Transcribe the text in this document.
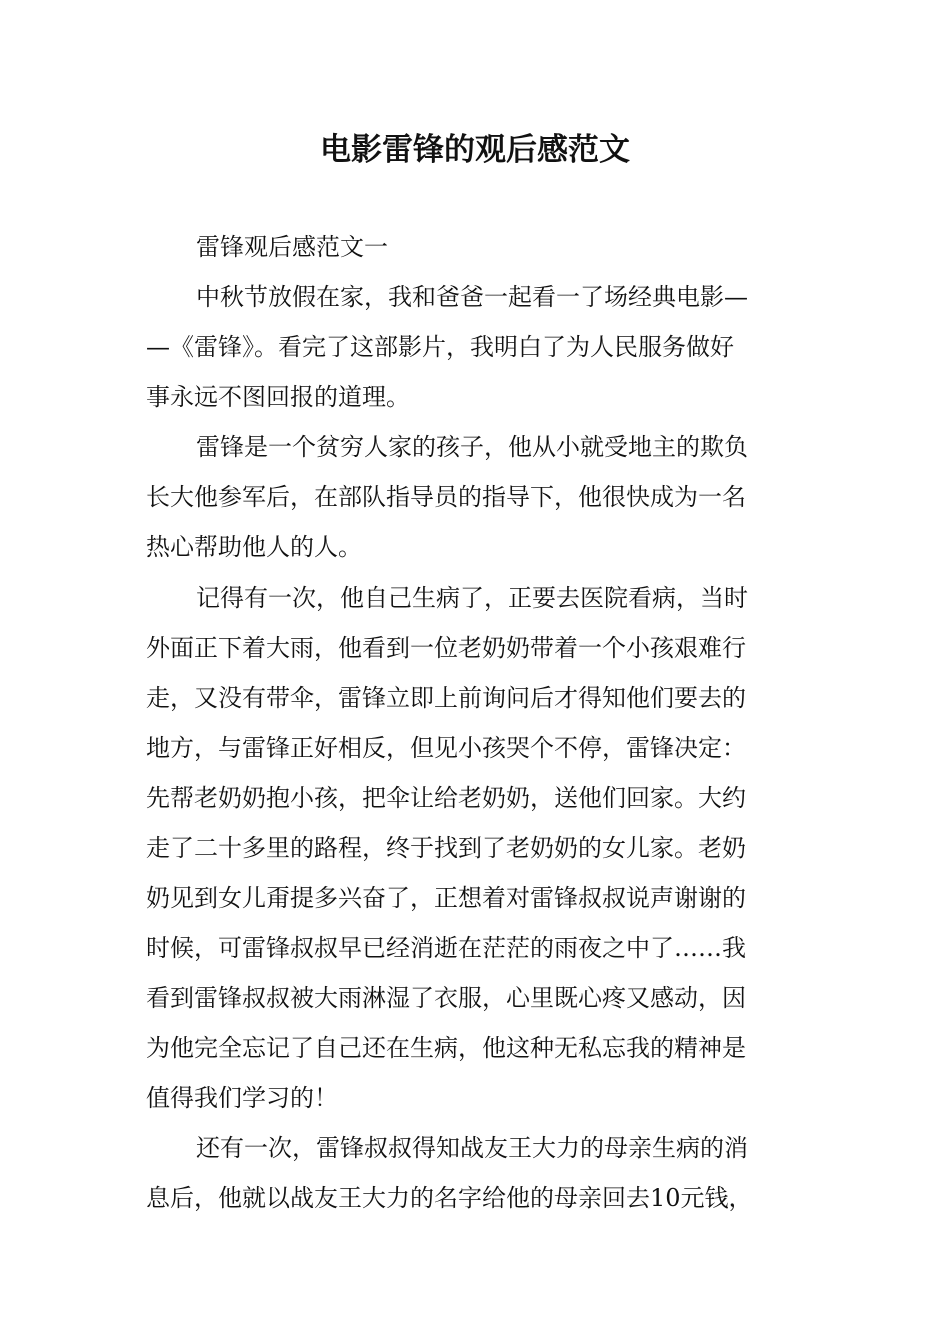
电影雷锋的观后感范文
雷锋观后感范文一
中秋节放假在家，我和爸爸一起看一了场经典电影—
—《雷锋》。看完了这部影片，我明白了为人民服务做好
事永远不图回报的道理。
雷锋是一个贫穷人家的孩子，他从小就受地主的欺负
长大他参军后，在部队指导员的指导下，他很快成为一名
热心帮助他人的人。
记得有一次，他自己生病了，正要去医院看病，当时
外面正下着大雨，他看到一位老奶奶带着一个小孩艰难行
走，又没有带伞，雷锋立即上前询问后才得知他们要去的
地方，与雷锋正好相反，但见小孩哭个不停，雷锋决定：
先帮老奶奶抱小孩，把伞让给老奶奶，送他们回家。大约
走了二十多里的路程，终于找到了老奶奶的女儿家。老奶
奶见到女儿甭提多兴奋了，正想着对雷锋叔叔说声谢谢的
时候，可雷锋叔叔早已经消逝在茫茫的雨夜之中了……我
看到雷锋叔叔被大雨淋湿了衣服，心里既心疼又感动，因
为他完全忘记了自己还在生病，他这种无私忘我的精神是
值得我们学习的！
还有一次，雷锋叔叔得知战友王大力的母亲生病的消
息后，他就以战友王大力的名字给他的母亲回去10元钱，
